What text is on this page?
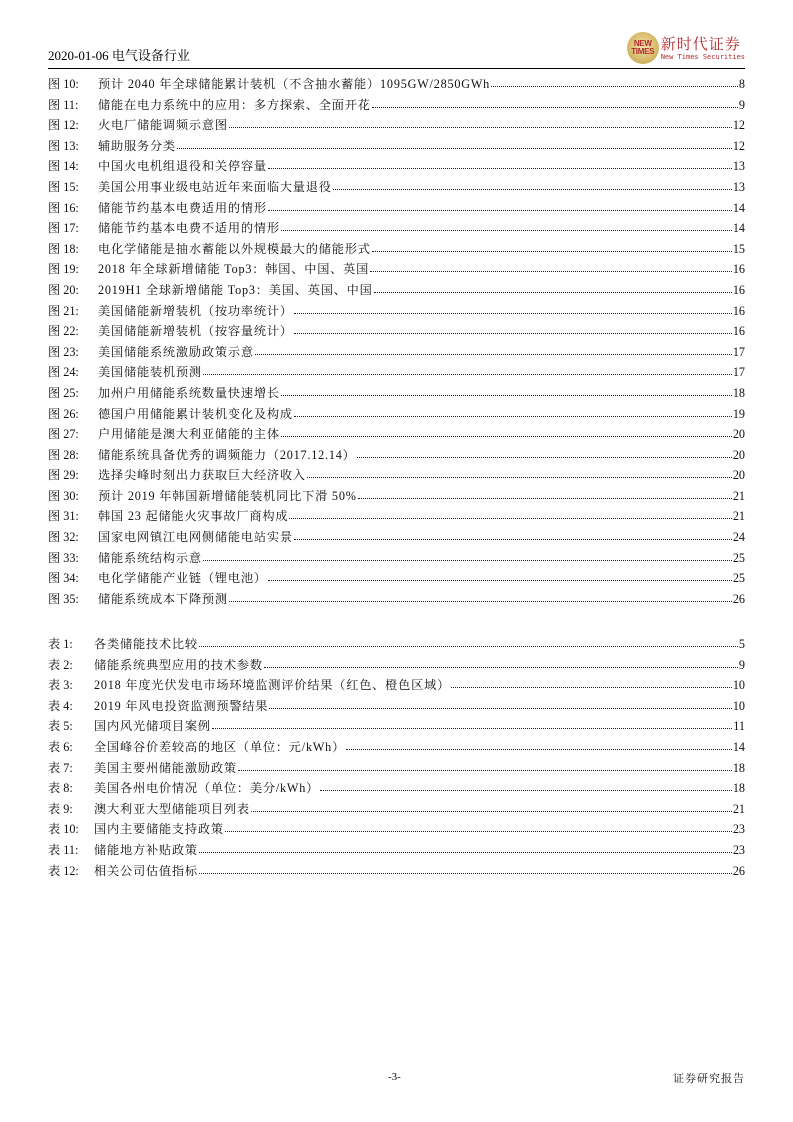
2020-01-06 电气设备行业
NEW
TIMES 新时代证券
New Times Securities
图 10:	预计 2040 年全球储能累计装机（不含抽水蓄能）1095GW/2850GWh	8
图 11:	储能在电力系统中的应用：多方探索、全面开花	9
图 12:	火电厂储能调频示意图	12
图 13:	辅助服务分类	12
图 14:	中国火电机组退役和关停容量	13
图 15:	美国公用事业级电站近年来面临大量退役	13
图 16:	储能节约基本电费适用的情形	14
图 17:	储能节约基本电费不适用的情形	14
图 18:	电化学储能是抽水蓄能以外规模最大的储能形式	15
图 19:	2018 年全球新增储能 Top3：韩国、中国、英国	16
图 20:	2019H1 全球新增储能 Top3：美国、英国、中国	16
图 21:	美国储能新增装机（按功率统计）	16
图 22:	美国储能新增装机（按容量统计）	16
图 23:	美国储能系统激励政策示意	17
图 24:	美国储能装机预测	17
图 25:	加州户用储能系统数量快速增长	18
图 26:	德国户用储能累计装机变化及构成	19
图 27:	户用储能是澳大利亚储能的主体	20
图 28:	储能系统具备优秀的调频能力（2017.12.14）	20
图 29:	选择尖峰时刻出力获取巨大经济收入	20
图 30:	预计 2019 年韩国新增储能装机同比下滑 50%	21
图 31:	韩国 23 起储能火灾事故厂商构成	21
图 32:	国家电网镇江电网侧储能电站实景	24
图 33:	储能系统结构示意	25
图 34:	电化学储能产业链（锂电池）	25
图 35:	储能系统成本下降预测	26
表 1:	各类储能技术比较	5
表 2:	储能系统典型应用的技术参数	9
表 3:	2018 年度光伏发电市场环境监测评价结果（红色、橙色区域）	10
表 4:	2019 年风电投资监测预警结果	10
表 5:	国内风光储项目案例	11
表 6:	全国峰谷价差较高的地区（单位：元/kWh）	14
表 7:	美国主要州储能激励政策	18
表 8:	美国各州电价情况（单位：美分/kWh）	18
表 9:	澳大利亚大型储能项目列表	21
表 10:	国内主要储能支持政策	23
表 11:	储能地方补贴政策	23
表 12:	相关公司估值指标	26
-3-	证券研究报告
